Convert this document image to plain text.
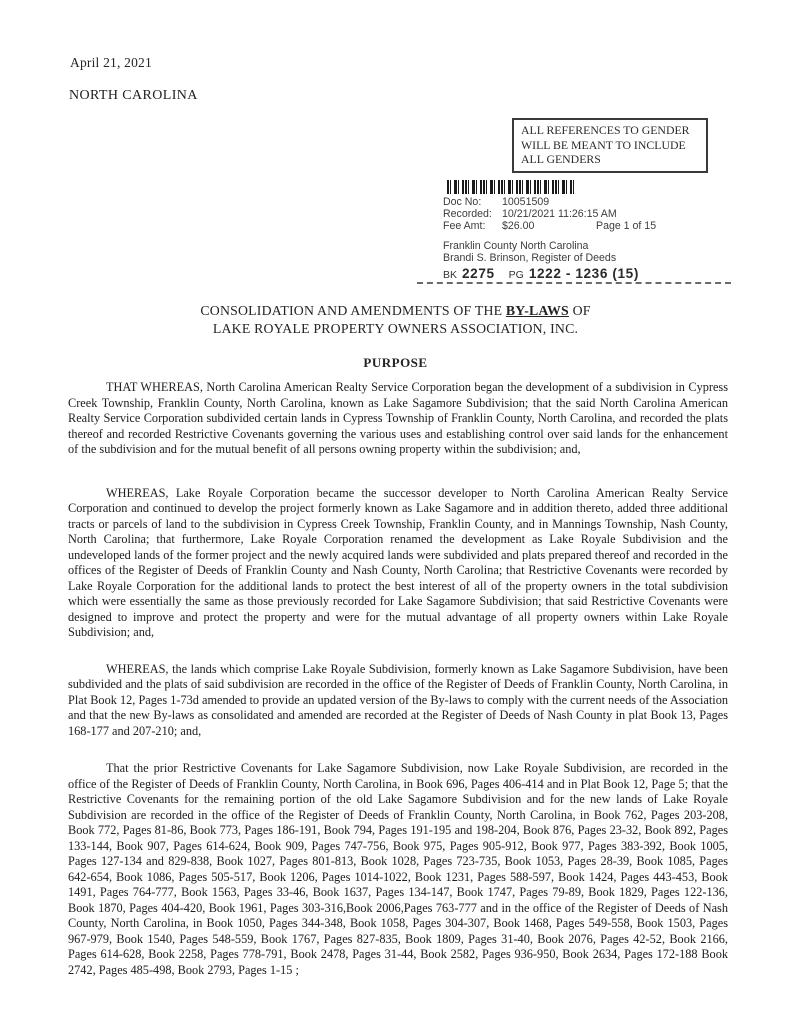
April 21, 2021
NORTH CAROLINA
ALL REFERENCES TO GENDER WILL BE MEANT TO INCLUDE ALL GENDERS
Doc No:	10051509
Recorded: 10/21/2021 11:26:15 AM
Fee Amt:	$26.00	Page 1 of 15
Franklin County North Carolina
Brandi S. Brinson, Register of Deeds
BK 2275 PG 1222 - 1236 (15)
CONSOLIDATION AND AMENDMENTS OF THE BY-LAWS OF
LAKE ROYALE PROPERTY OWNERS ASSOCIATION, INC.
PURPOSE

THAT WHEREAS, North Carolina American Realty Service Corporation began the development of a subdivision in Cypress Creek Township, Franklin County, North Carolina, known as Lake Sagamore Subdivision; that the said North Carolina American Realty Service Corporation subdivided certain lands in Cypress Township of Franklin County, North Carolina, and recorded the plats thereof and recorded Restrictive Covenants governing the various uses and establishing control over said lands for the enhancement of the subdivision and for the mutual benefit of all persons owning property within the subdivision; and,

WHEREAS, Lake Royale Corporation became the successor developer to North Carolina American Realty Service Corporation and continued to develop the project formerly known as Lake Sagamore and in addition thereto, added three additional tracts or parcels of land to the subdivision in Cypress Creek Township, Franklin County, and in Mannings Township, Nash County, North Carolina; that furthermore, Lake Royale Corporation renamed the development as Lake Royale Subdivision and the undeveloped lands of the former project and the newly acquired lands were subdivided and plats prepared thereof and recorded in the offices of the Register of Deeds of Franklin County and Nash County, North Carolina; that Restrictive Covenants were recorded by Lake Royale Corporation for the additional lands to protect the best interest of all of the property owners in the total subdivision which were essentially the same as those previously recorded for Lake Sagamore Subdivision; that said Restrictive Covenants were designed to improve and protect the property and were for the mutual advantage of all property owners within Lake Royale Subdivision; and,

WHEREAS, the lands which comprise Lake Royale Subdivision, formerly known as Lake Sagamore Subdivision, have been subdivided and the plats of said subdivision are recorded in the office of the Register of Deeds of Franklin County, North Carolina, in Plat Book 12, Pages 1-73d amended to provide an updated version of the By-laws to comply with the current needs of the Association and that the new By-laws as consolidated and amended are recorded at the Register of Deeds of Nash County in plat Book 13, Pages 168-177 and 207-210; and,

That the prior Restrictive Covenants for Lake Sagamore Subdivision, now Lake Royale Subdivision, are recorded in the office of the Register of Deeds of Franklin County, North Carolina, in Book 696, Pages 406-414 and in Plat Book 12, Page 5; that the Restrictive Covenants for the remaining portion of the old Lake Sagamore Subdivision and for the new lands of Lake Royale Subdivision are recorded in the office of the Register of Deeds of Franklin County, North Carolina, in Book 762, Pages 203-208, Book 772, Pages 81-86, Book 773, Pages 186-191, Book 794, Pages 191-195 and 198-204, Book 876, Pages 23-32, Book 892, Pages 133-144, Book 907, Pages 614-624, Book 909, Pages 747-756, Book 975, Pages 905-912, Book 977, Pages 383-392, Book 1005, Pages 127-134 and 829-838, Book 1027, Pages 801-813, Book 1028, Pages 723-735, Book 1053, Pages 28-39, Book 1085, Pages 642-654, Book 1086, Pages 505-517, Book 1206, Pages 1014-1022, Book 1231, Pages 588-597, Book 1424, Pages 443-453, Book 1491, Pages 764-777, Book 1563, Pages 33-46, Book 1637, Pages 134-147, Book 1747, Pages 79-89, Book 1829, Pages 122-136, Book 1870, Pages 404-420, Book 1961, Pages 303-316,Book 2006,Pages 763-777 and in the office of the Register of Deeds of Nash County, North Carolina, in Book 1050, Pages 344-348, Book 1058, Pages 304-307, Book 1468, Pages 549-558, Book 1503, Pages 967-979, Book 1540, Pages 548-559, Book 1767, Pages 827-835, Book 1809, Pages 31-40, Book 2076, Pages 42-52, Book 2166, Pages 614-628, Book 2258, Pages 778-791, Book 2478, Pages 31-44, Book 2582, Pages 936-950, Book 2634, Pages 172-188 Book 2742, Pages 485-498, Book 2793, Pages 1-15 ;
